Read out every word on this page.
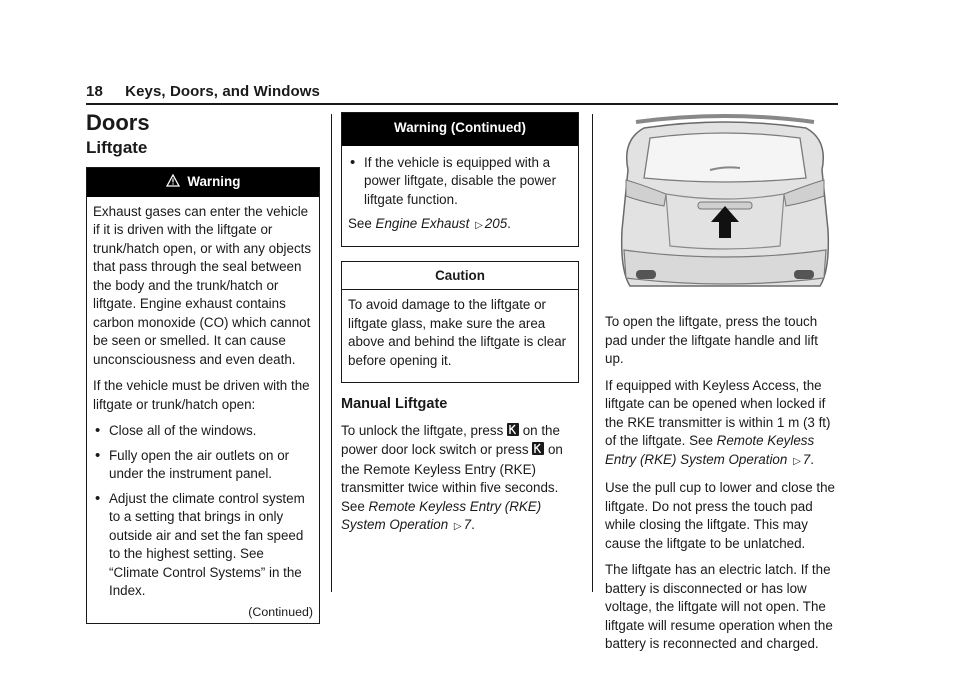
18 Keys, Doors, and Windows
Doors
Liftgate
Warning

Exhaust gases can enter the vehicle if it is driven with the liftgate or trunk/hatch open, or with any objects that pass through the seal between the body and the trunk/hatch or liftgate. Engine exhaust contains carbon monoxide (CO) which cannot be seen or smelled. It can cause unconsciousness and even death.

If the vehicle must be driven with the liftgate or trunk/hatch open:

• Close all of the windows.
• Fully open the air outlets on or under the instrument panel.
• Adjust the climate control system to a setting that brings in only outside air and set the fan speed to the highest setting. See “Climate Control Systems” in the Index.
(Continued)
Warning (Continued)
• If the vehicle is equipped with a power liftgate, disable the power liftgate function.

See Engine Exhaust ▷ 205.

Caution

To avoid damage to the liftgate or liftgate glass, make sure the area above and behind the liftgate is clear before opening it.

Manual Liftgate

To unlock the liftgate, press  on the power door lock switch or press  on the Remote Keyless Entry (RKE) transmitter twice within five seconds. See Remote Keyless Entry (RKE) System Operation ▷ 7.

To open the liftgate, press the touch pad under the liftgate handle and lift up.

If equipped with Keyless Access, the liftgate can be opened when locked if the RKE transmitter is within 1 m (3 ft) of the liftgate. See Remote Keyless Entry (RKE) System Operation ▷ 7.

Use the pull cup to lower and close the liftgate. Do not press the touch pad while closing the liftgate. This may cause the liftgate to be unlatched.

The liftgate has an electric latch. If the battery is disconnected or has low voltage, the liftgate will not open. The liftgate will resume operation when the battery is reconnected and charged.
